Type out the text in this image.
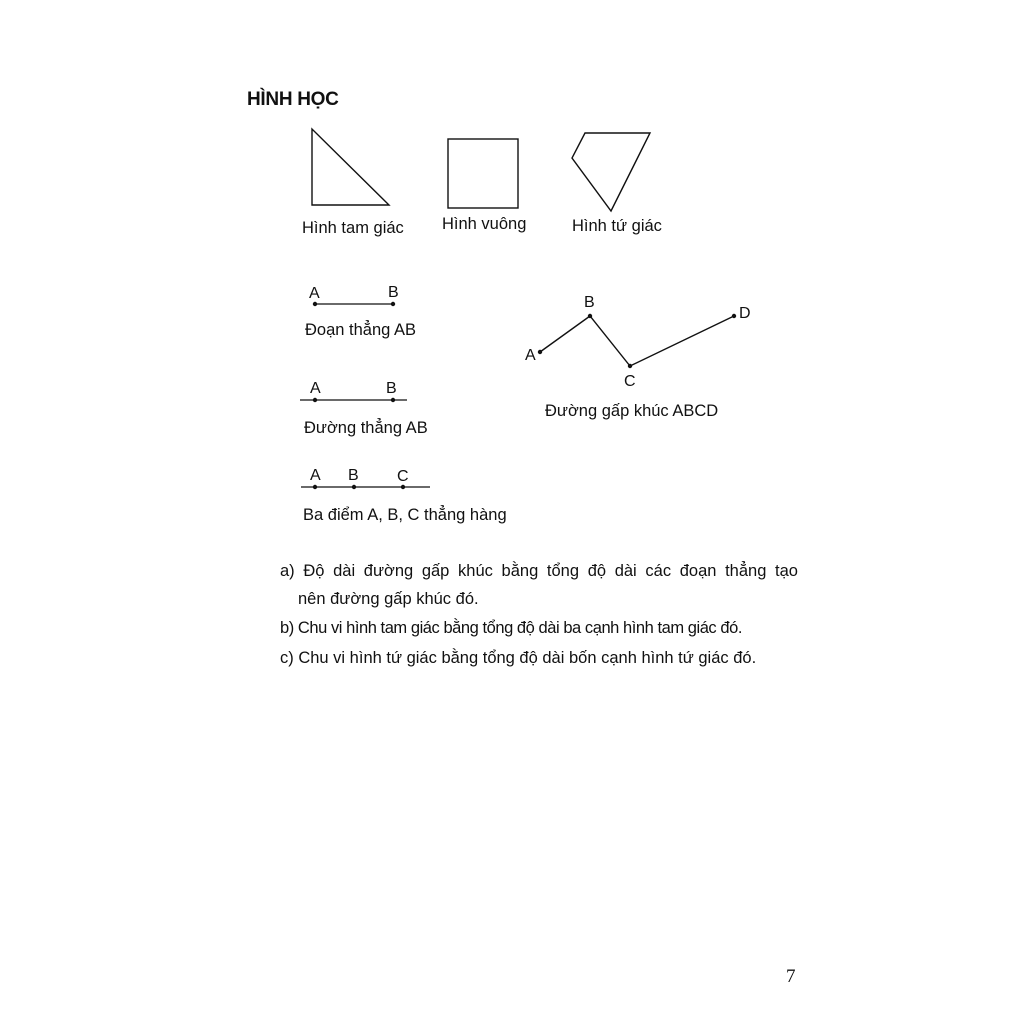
HÌNH HỌC
Hình tam giác Hình vuông	Hình tứ giác
A	B
Đoạn thẳng AB
A	B
Đường thẳng AB
A B C
Ba điểm A, B, C thẳng hàng
A
B
C
D
Đường gấp khúc ABCD
a) Độ dài đường gấp khúc bằng tổng độ dài các đoạn thẳng tạo
nên đường gấp khúc đó.
b) Chu vi hình tam giác bằng tổng độ dài ba cạnh hình tam giác đó.
c) Chu vi hình tứ giác bằng tổng độ dài bốn cạnh hình tứ giác đó.
7
